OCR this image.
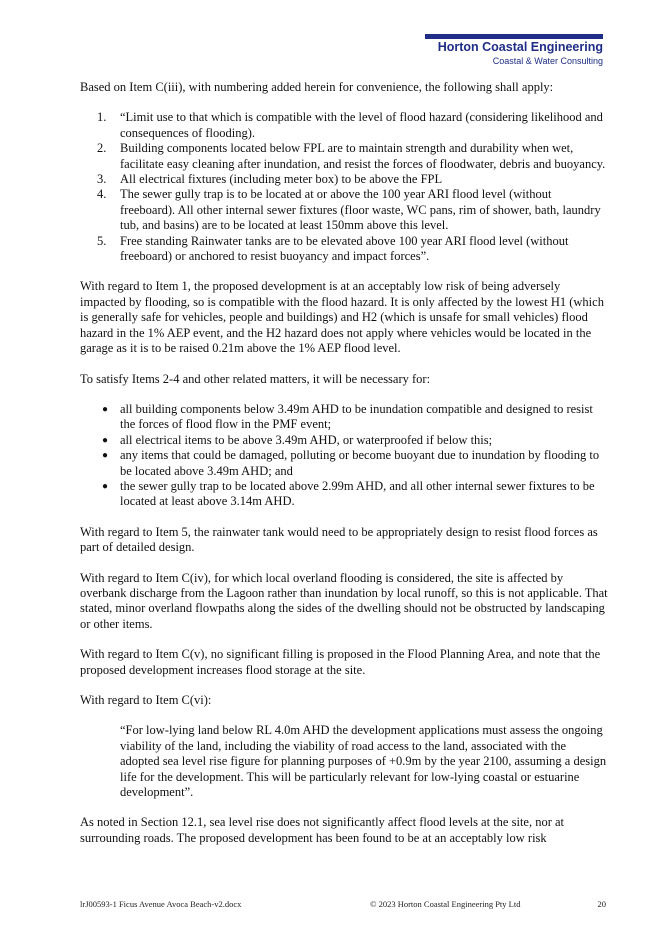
Horton Coastal Engineering
Coastal & Water Consulting

Based on Item C(iii), with numbering added herein for convenience, the following shall apply:

1. “Limit use to that which is compatible with the level of flood hazard (considering likelihood and consequences of flooding).
2. Building components located below FPL are to maintain strength and durability when wet, facilitate easy cleaning after inundation, and resist the forces of floodwater, debris and buoyancy.
3. All electrical fixtures (including meter box) to be above the FPL
4. The sewer gully trap is to be located at or above the 100 year ARI flood level (without freeboard). All other internal sewer fixtures (floor waste, WC pans, rim of shower, bath, laundry tub, and basins) are to be located at least 150mm above this level.
5. Free standing Rainwater tanks are to be elevated above 100 year ARI flood level (without freeboard) or anchored to resist buoyancy and impact forces”.

With regard to Item 1, the proposed development is at an acceptably low risk of being adversely impacted by flooding, so is compatible with the flood hazard. It is only affected by the lowest H1 (which is generally safe for vehicles, people and buildings) and H2 (which is unsafe for small vehicles) flood hazard in the 1% AEP event, and the H2 hazard does not apply where vehicles would be located in the garage as it is to be raised 0.21m above the 1% AEP flood level.

To satisfy Items 2-4 and other related matters, it will be necessary for:

● all building components below 3.49m AHD to be inundation compatible and designed to resist the forces of flood flow in the PMF event;
● all electrical items to be above 3.49m AHD, or waterproofed if below this;
● any items that could be damaged, polluting or become buoyant due to inundation by flooding to be located above 3.49m AHD; and
● the sewer gully trap to be located above 2.99m AHD, and all other internal sewer fixtures to be located at least above 3.14m AHD.

With regard to Item 5, the rainwater tank would need to be appropriately design to resist flood forces as part of detailed design.

With regard to Item C(iv), for which local overland flooding is considered, the site is affected by overbank discharge from the Lagoon rather than inundation by local runoff, so this is not applicable. That stated, minor overland flowpaths along the sides of the dwelling should not be obstructed by landscaping or other items.

With regard to Item C(v), no significant filling is proposed in the Flood Planning Area, and note that the proposed development increases flood storage at the site.

With regard to Item C(vi):

“For low-lying land below RL 4.0m AHD the development applications must assess the ongoing viability of the land, including the viability of road access to the land, associated with the adopted sea level rise figure for planning purposes of +0.9m by the year 2100, assuming a design life for the development. This will be particularly relevant for low-lying coastal or estuarine development”.

As noted in Section 12.1, sea level rise does not significantly affect flood levels at the site, nor at surrounding roads. The proposed development has been found to be at an acceptably low risk

lrJ00593-1 Ficus Avenue Avoca Beach-v2.docx	© 2023 Horton Coastal Engineering Pty Ltd	20
